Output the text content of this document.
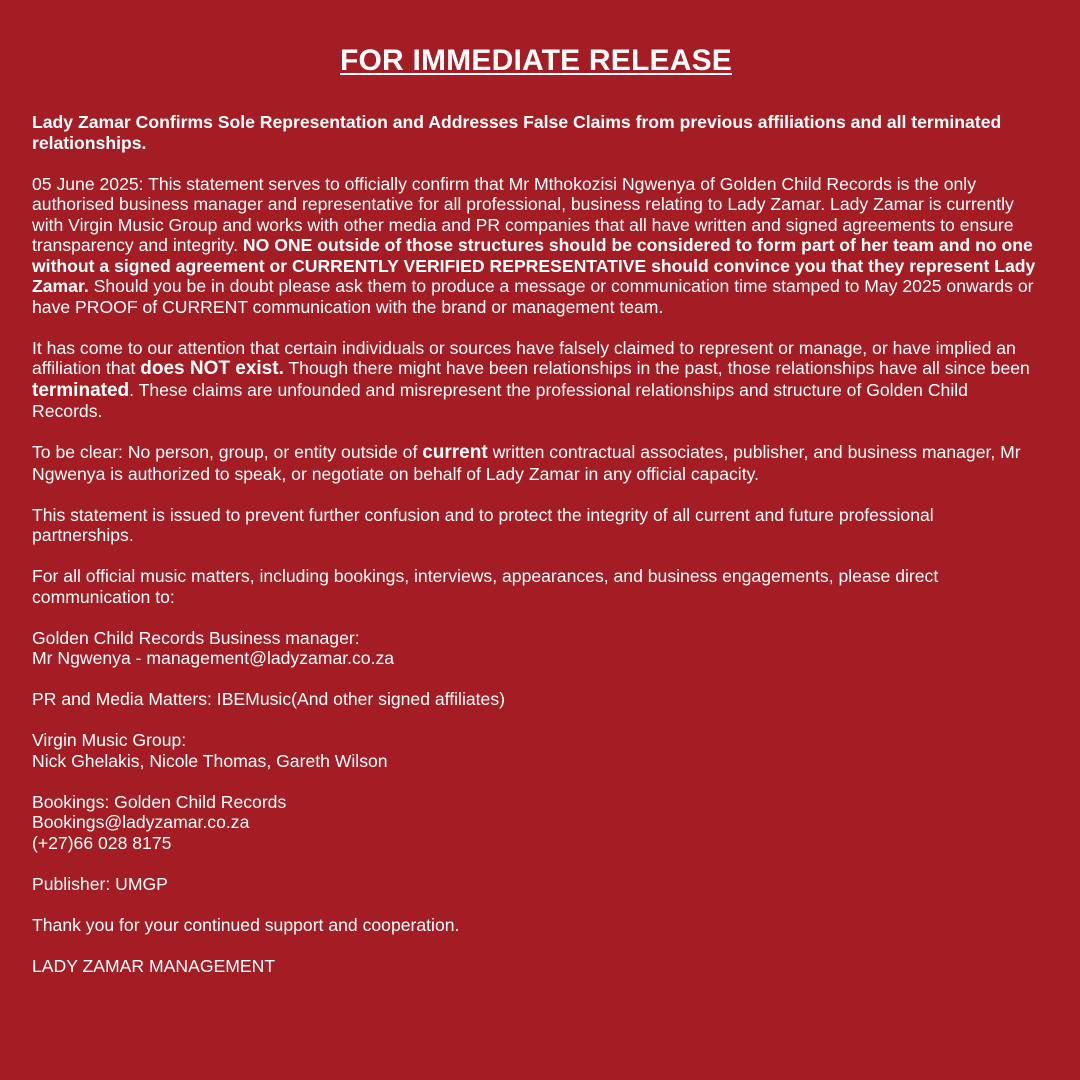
FOR IMMEDIATE RELEASE
Lady Zamar Confirms Sole Representation and Addresses False Claims from previous affiliations and all terminated relationships.
05 June 2025: This statement serves to officially confirm that Mr Mthokozisi Ngwenya of Golden Child Records is the only authorised business manager and representative for all professional, business relating to Lady Zamar. Lady Zamar is currently with Virgin Music Group and works with other media and PR companies that all have written and signed agreements to ensure transparency and integrity. NO ONE outside of those structures should be considered to form part of her team and no one without a signed agreement or CURRENTLY VERIFIED REPRESENTATIVE should convince you that they represent Lady Zamar. Should you be in doubt please ask them to produce a message or communication time stamped to May 2025 onwards or have PROOF of CURRENT communication with the brand or management team.
It has come to our attention that certain individuals or sources have falsely claimed to represent or manage, or have implied an affiliation that does NOT exist. Though there might have been relationships in the past, those relationships have all since been terminated. These claims are unfounded and misrepresent the professional relationships and structure of Golden Child Records.
To be clear: No person, group, or entity outside of current written contractual associates, publisher, and business manager, Mr Ngwenya is authorized to speak, or negotiate on behalf of Lady Zamar in any official capacity.
This statement is issued to prevent further confusion and to protect the integrity of all current and future professional partnerships.
For all official music matters, including bookings, interviews, appearances, and business engagements, please direct communication to:
Golden Child Records Business manager:
Mr Ngwenya - management@ladyzamar.co.za
PR and Media Matters: IBEMusic(And other signed affiliates)
Virgin Music Group:
Nick Ghelakis, Nicole Thomas, Gareth Wilson
Bookings: Golden Child Records
Bookings@ladyzamar.co.za
(+27)66 028 8175
Publisher: UMGP
Thank you for your continued support and cooperation.
LADY ZAMAR MANAGEMENT
